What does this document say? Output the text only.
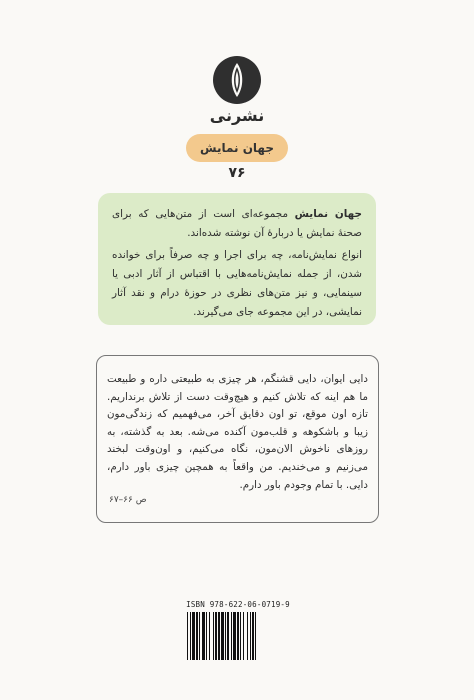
نشرنی
جهان نمایش
۷۶

جهان نمایش مجموعه‌ای است از متن‌هایی که برای صحنهٔ نمایش یا دربارهٔ آن نوشته شده‌اند.

انواع نمایش‌نامه، چه برای اجرا و چه صرفاً برای خوانده شدن، از جمله نمایش‌نامه‌هایی با اقتباس از آثار ادبی یا سینمایی، و نیز متن‌های نظری در حوزهٔ درام و نقد آثار نمایشی، در این مجموعه جای می‌گیرند.

دایی ایوان، دایی قشنگم، هر چیزی به طبیعتی داره و طبیعت ما هم اینه که تلاش کنیم و هیچ‌وقت دست از تلاش برنداریم. تازه اون موقع، تو اون دقایق آخر، می‌فهمیم که زندگی‌مون زیبا و باشکوهه و قلب‌مون آکنده می‌شه. بعد به گذشته، به روزهای ناخوش الان‌مون، نگاه می‌کنیم، و اون‌وقت لبخند می‌زنیم و می‌خندیم. من واقعاً به همچین چیزی باور دارم، دایی. با تمام وجودم باور دارم.

ص ۶۶–۶۷
ISBN 978-622-06-0719-9
